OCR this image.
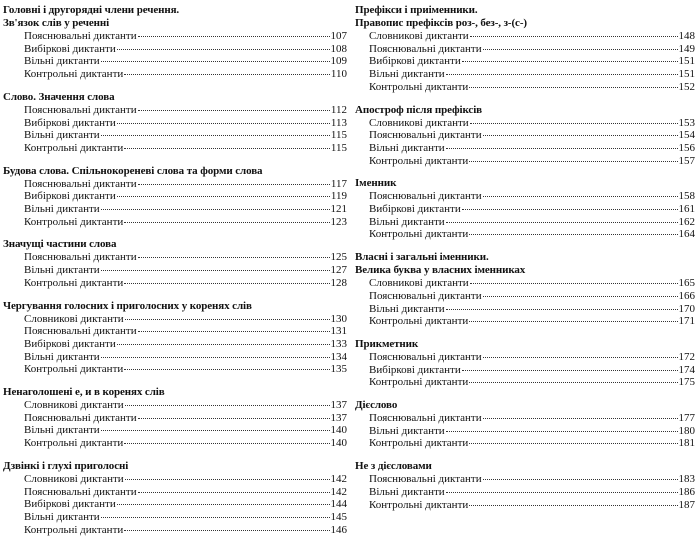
Головні і другорядні члени речення.
Зв'язок слів у реченні
Пояснювальні диктанти	107
Вибіркові диктанти	108
Вільні диктанти	109
Контрольні диктанти	110
Слово. Значення слова
Пояснювальні диктанти	112
Вибіркові диктанти	113
Вільні диктанти	115
Контрольні диктанти	115
Будова слова. Спільнокореневі слова та форми слова
Пояснювальні диктанти	117
Вибіркові диктанти	119
Вільні диктанти	121
Контрольні диктанти	123
Значущі частини слова
Пояснювальні диктанти	125
Вільні диктанти	127
Контрольні диктанти	128
Чергування голосних і приголосних у коренях слів
Словникові диктанти	130
Пояснювальні диктанти	131
Вибіркові диктанти	133
Вільні диктанти	134
Контрольні диктанти	135
Ненаголошені е, и в коренях слів
Словникові диктанти	137
Пояснювальні диктанти	137
Вільні диктанти	140
Контрольні диктанти	140
Дзвінкі і глухі приголосні
Словникові диктанти	142
Пояснювальні диктанти	142
Вибіркові диктанти	144
Вільні диктанти	145
Контрольні диктанти	146
Префікси і приіменники.
Правопис префіксів роз-, без-, з-(с-)
Словникові диктанти	148
Пояснювальні диктанти	149
Вибіркові диктанти	151
Вільні диктанти	151
Контрольні диктанти	152
Апостроф після префіксів
Словникові диктанти	153
Пояснювальні диктанти	154
Вільні диктанти	156
Контрольні диктанти	157
Іменник
Пояснювальні диктанти	158
Вибіркові диктанти	161
Вільні диктанти	162
Контрольні диктанти	164
Власні і загальні іменники.
Велика буква у власних іменниках
Словникові диктанти	165
Пояснювальні диктанти	166
Вільні диктанти	170
Контрольні диктанти	171
Прикметник
Пояснювальні диктанти	172
Вибіркові диктанти	174
Контрольні диктанти	175
Дієслово
Пояснювальні диктанти	177
Вільні диктанти	180
Контрольні диктанти	181
Не з дієсловами
Пояснювальні диктанти	183
Вільні диктанти	186
Контрольні диктанти	187
